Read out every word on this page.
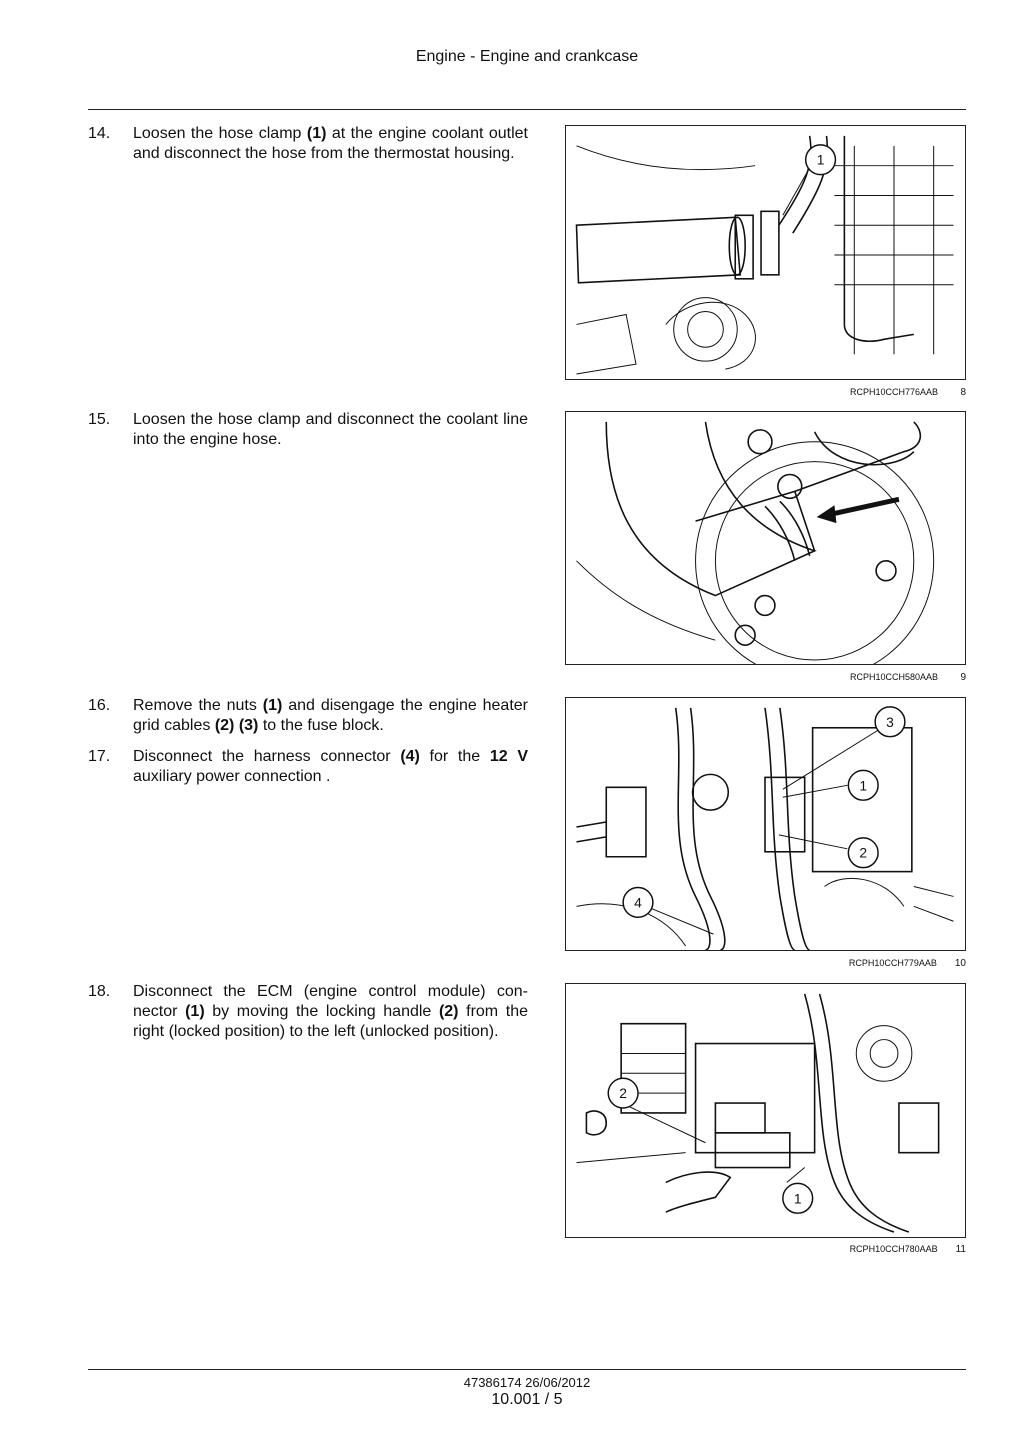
Engine - Engine and crankcase
14.	Loosen the hose clamp (1) at the engine coolant outlet and disconnect the hose from the thermostat housing.
15.	Loosen the hose clamp and disconnect the coolant line into the engine hose.
16.	Remove the nuts (1) and disengage the engine heater grid cables (2) (3) to the fuse block.
17.	Disconnect the harness connector (4) for the 12 V auxiliary power connection .
18.	Disconnect the ECM (engine control module) con- nector (1) by moving the locking handle (2) from the right (locked position) to the left (unlocked position).
1
RCPH10CCH776AAB 8
RCPH10CCH580AAB 9
3
1
2
4
RCPH10CCH779AAB 10
2
1
RCPH10CCH780AAB 11
47386174 26/06/2012
10.001 / 5
